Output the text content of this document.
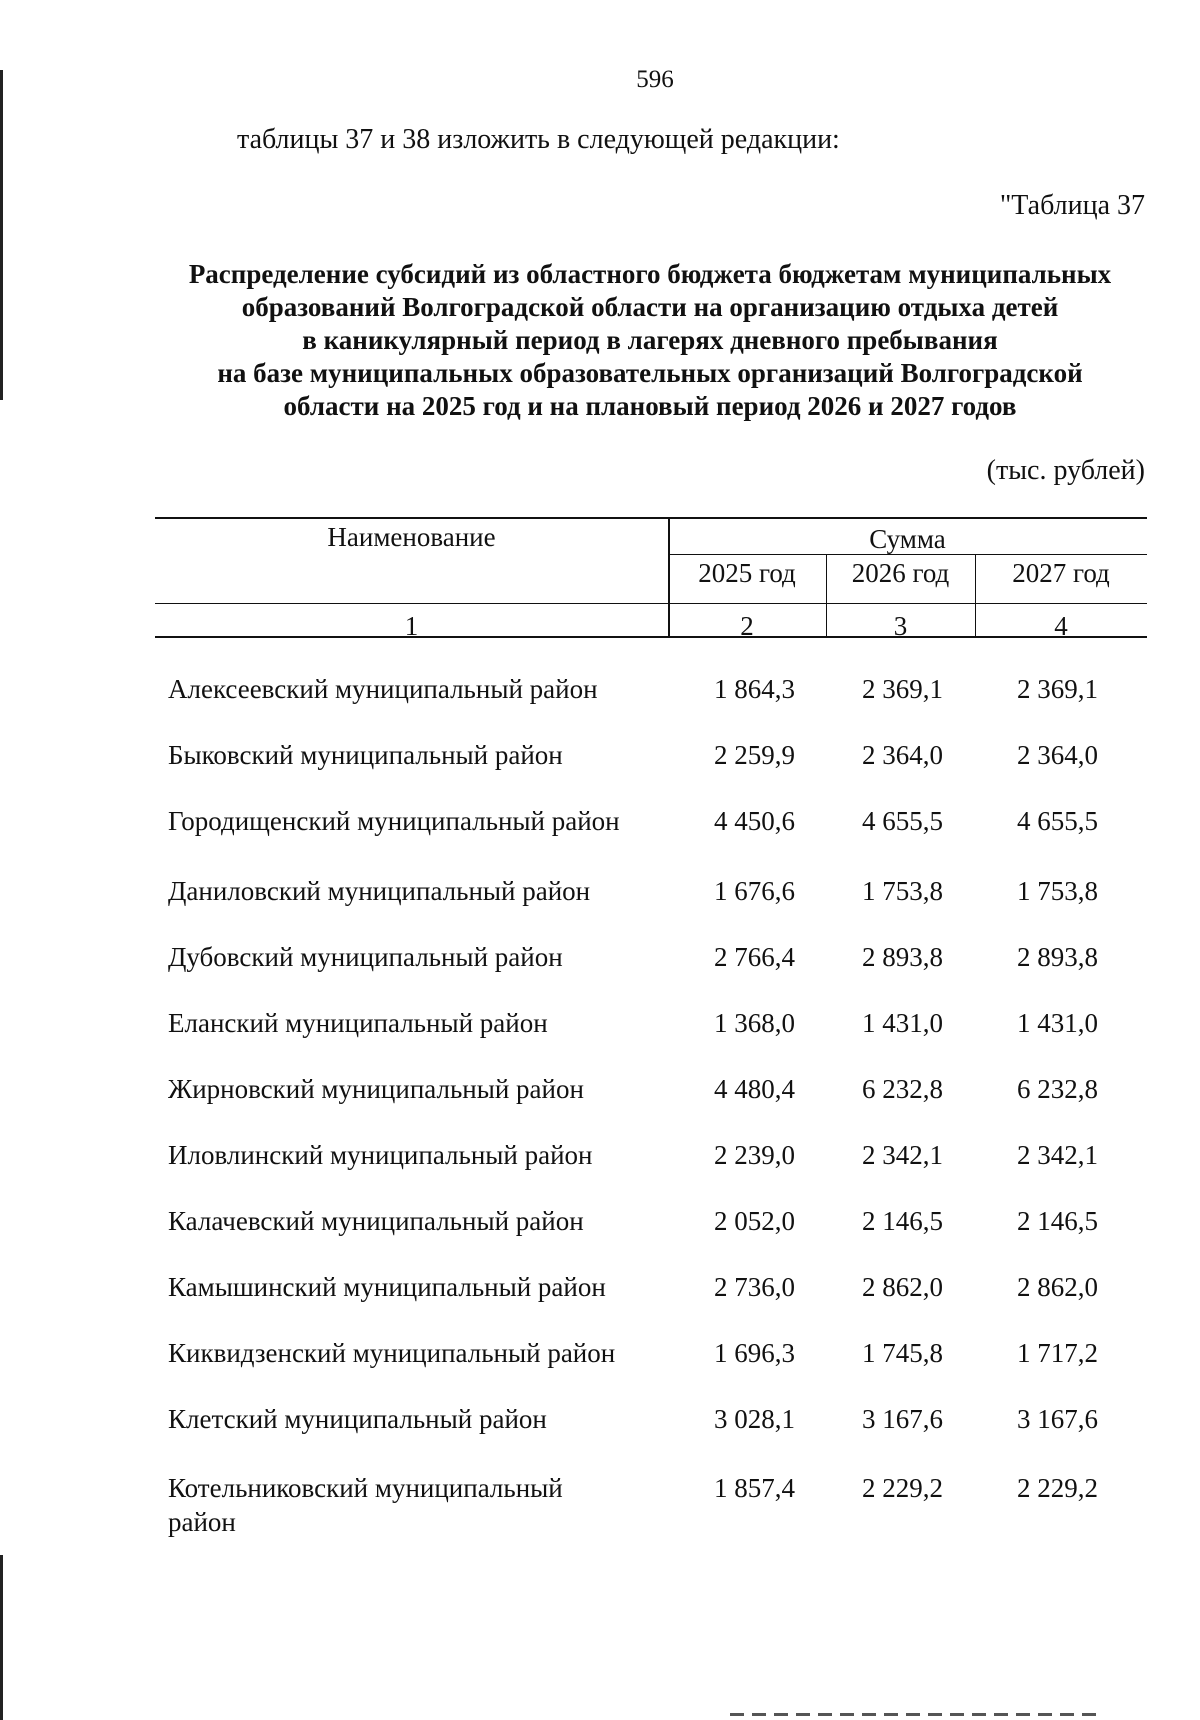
596
таблицы 37 и 38 изложить в следующей редакции:
"Таблица 37
Распределение субсидий из областного бюджета бюджетам муниципальных
образований Волгоградской области на организацию отдыха детей
в каникулярный период в лагерях дневного пребывания
на базе муниципальных образовательных организаций Волгоградской
области на 2025 год и на плановый период 2026 и 2027 годов
(тыс. рублей)
Наименование	Сумма
2025 год	2026 год	2027 год
1	2	3	4
Алексеевский муниципальный район	1 864,3	2 369,1	2 369,1
Быковский муниципальный район	2 259,9	2 364,0	2 364,0
Городищенский муниципальный район	4 450,6	4 655,5	4 655,5
Даниловский муниципальный район	1 676,6	1 753,8	1 753,8
Дубовский муниципальный район	2 766,4	2 893,8	2 893,8
Еланский муниципальный район	1 368,0	1 431,0	1 431,0
Жирновский муниципальный район	4 480,4	6 232,8	6 232,8
Иловлинский муниципальный район	2 239,0	2 342,1	2 342,1
Калачевский муниципальный район	2 052,0	2 146,5	2 146,5
Камышинский муниципальный район	2 736,0	2 862,0	2 862,0
Киквидзенский муниципальный район	1 696,3	1 745,8	1 717,2
Клетский муниципальный район	3 028,1	3 167,6	3 167,6
Котельниковский муниципальный район
1 857,4	2 229,2	2 229,2
